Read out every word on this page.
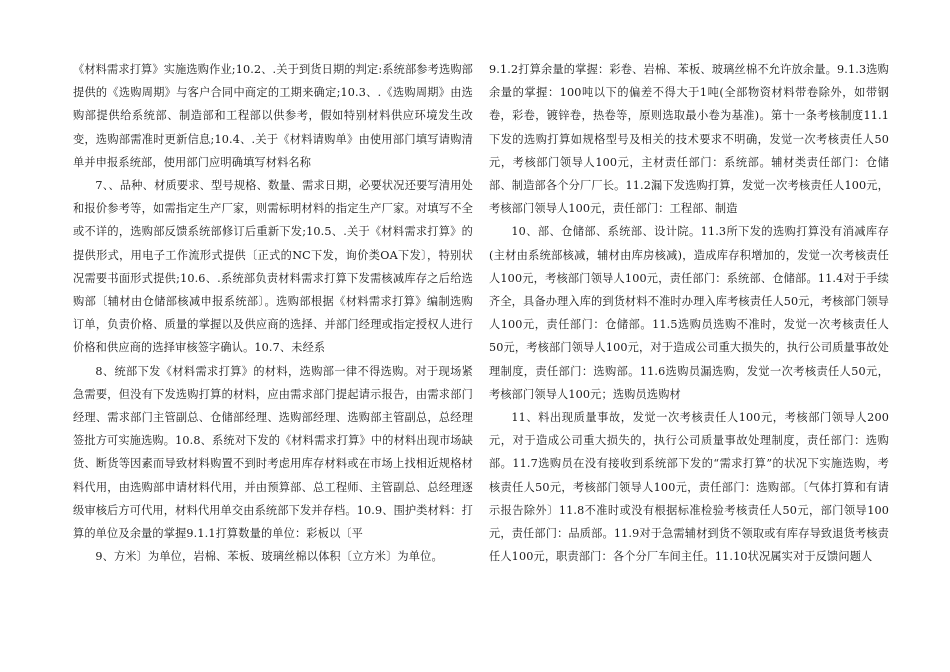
《材料需求打算》实施选购作业;10.2、.关于到货日期的判定:系统部参考选购部提供的《选购周期》与客户合同中商定的工期来确定;10.3、.《选购周期》由选购部提供给系统部、制造部和工程部以供参考，假如特别材料供应环境发生改变，选购部需准时更新信息;10.4、.关于《材料请购单》由使用部门填写请购清单并申报系统部，使用部门应明确填写材料名称

7、、品种、材质要求、型号规格、数量、需求日期，必要状况还要写清用处和报价参考等，如需指定生产厂家，则需标明材料的指定生产厂家。对填写不全或不详的，选购部反馈系统部修订后重新下发;10.5、.关于《材料需求打算》的提供形式，用电子工作流形式提供〔正式的NC下发，询价类OA下发〕，特别状况需要书面形式提供;10.6、.系统部负责材料需求打算下发需核减库存之后给选购部〔辅材由仓储部核减申报系统部〕。选购部根据《材料需求打算》编制选购订单，负责价格、质量的掌握以及供应商的选择、并部门经理或指定授权人进行价格和供应商的选择审核签字确认。10.7、未经系

8、统部下发《材料需求打算》的材料，选购部一律不得选购。对于现场紧急需要，但没有下发选购打算的材料，应由需求部门提起请示报告，由需求部门经理、需求部门主管副总、仓储部经理、选购部经理、选购部主管副总，总经理签批方可实施选购。10.8、系统对下发的《材料需求打算》中的材料出现市场缺货、断货等因素而导致材料购置不到时考虑用库存材料或在市场上找相近规格材料代用，由选购部申请材料代用，并由预算部、总工程师、主管副总、总经理逐级审核后方可代用，材料代用单交由系统部下发并存档。10.9、围护类材料：打算的单位及余量的掌握9.1.1打算数量的单位：彩板以〔平

9、方米〕为单位，岩棉、苯板、玻璃丝棉以体积〔立方米〕为单位。

9.1.2打算余量的掌握：彩卷、岩棉、苯板、玻璃丝棉不允许放余量。9.1.3选购余量的掌握：100吨以下的偏差不得大于1吨(全部物资材料带卷除外，如带钢卷，彩卷，镀锌卷，热卷等，原则选取最小卷为基准)。第十一条考核制度11.1下发的选购打算如规格型号及相关的技术要求不明确，发觉一次考核责任人50元，考核部门领导人100元，主材责任部门：系统部。辅材类责任部门：仓储部、制造部各个分厂厂长。11.2漏下发选购打算，发觉一次考核责任人100元，考核部门领导人100元，责任部门：工程部、制造

10、部、仓储部、系统部、设计院。11.3所下发的选购打算没有消减库存(主材由系统部核减，辅材由库房核减)，造成库存积增加的，发觉一次考核责任人100元，考核部门领导人100元，责任部门：系统部、仓储部。11.4对于手续齐全，具备办理入库的到货材料不准时办理入库考核责任人50元，考核部门领导人100元，责任部门：仓储部。11.5选购员选购不准时，发觉一次考核责任人50元，考核部门领导人100元，对于造成公司重大损失的，执行公司质量事故处理制度，责任部门：选购部。11.6选购员漏选购，发觉一次考核责任人50元，考核部门领导人100元；选购员选购材

11、料出现质量事故，发觉一次考核责任人100元，考核部门领导人200元，对于造成公司重大损失的，执行公司质量事故处理制度，责任部门：选购部。11.7选购员在没有接收到系统部下发的“需求打算”的状况下实施选购，考核责任人50元，考核部门领导人100元，责任部门：选购部。〔气体打算和有请示报告除外〕11.8不准时或没有根据标准检验考核责任人50元，部门领导100元，责任部门：品质部。11.9对于急需辅材到货不领取或有库存导致退货考核责任人100元，职责部门：各个分厂车间主任。11.10状况属实对于反馈问题人
